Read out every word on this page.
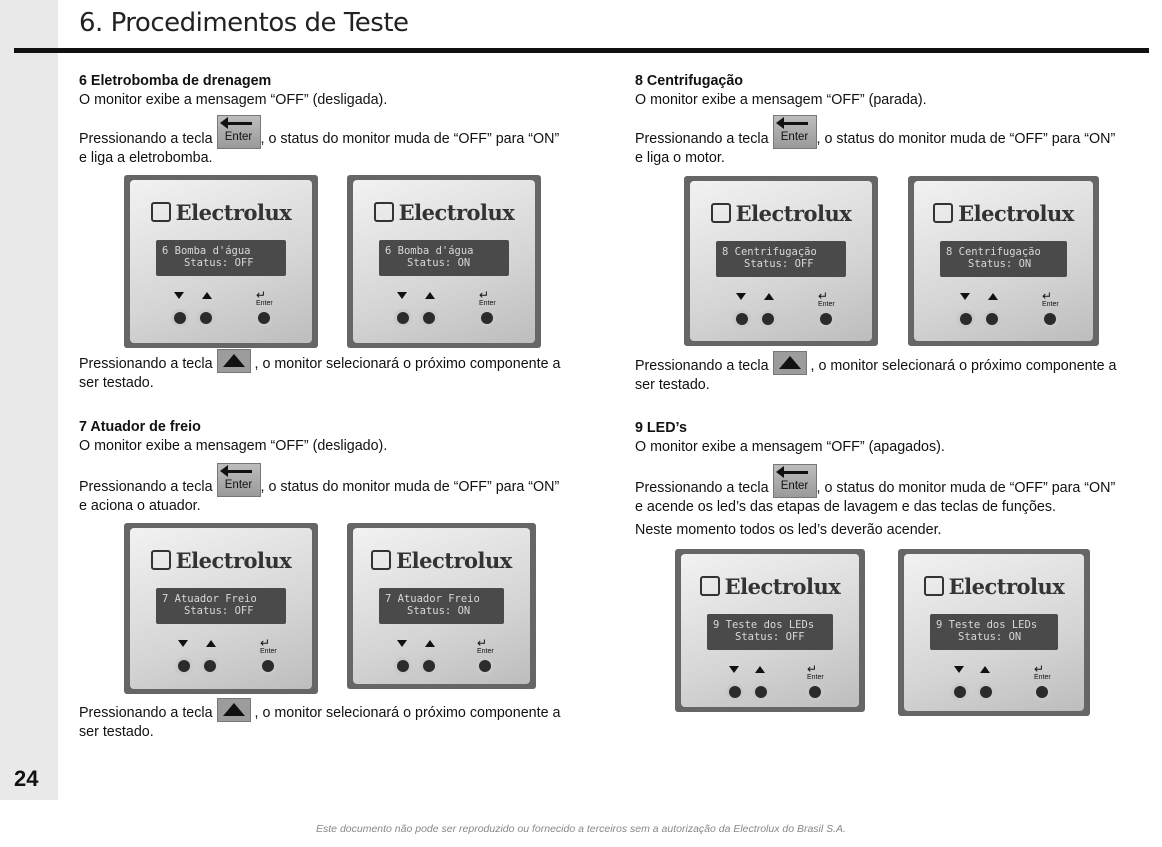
24
6. Procedimentos de Teste

6 Eletrobomba de drenagem

O monitor exibe a mensagem “OFF” (desligada).

Pressionando a tecla	Enter , o status do monitor muda de “OFF” para “ON”

e liga a eletrobomba.

Electrolux
6 Bomba d'água
Status: OFF
↵ Enter
Electrolux
6 Bomba d'água
Status: ON
↵ Enter

Pressionando a tecla	, o monitor selecionará o próximo componente a

ser testado.

7 Atuador de freio

O monitor exibe a mensagem “OFF” (desligado).

Pressionando a tecla	Enter , o status do monitor muda de “OFF” para “ON”

e aciona o atuador.

Electrolux
7 Atuador Freio
Status: OFF
↵ Enter
Electrolux
7 Atuador Freio
Status: ON
↵ Enter

Pressionando a tecla	, o monitor selecionará o próximo componente a

ser testado.

8 Centrifugação

O monitor exibe a mensagem “OFF” (parada).

Pressionando a tecla	Enter , o status do monitor muda de “OFF” para “ON”

e liga o motor.

Electrolux
8 Centrifugação
Status: OFF
↵ Enter
Electrolux
8 Centrifugação
Status: ON
↵ Enter

Pressionando a tecla	, o monitor selecionará o próximo componente a

ser testado.

9 LED’s

O monitor exibe a mensagem “OFF” (apagados).

Pressionando a tecla	Enter , o status do monitor muda de “OFF” para “ON”

e acende os led’s das etapas de lavagem e das teclas de funções.

Neste momento todos os led’s deverão acender.

Electrolux
9 Teste dos LEDs
Status: OFF
↵ Enter
Electrolux
9 Teste dos LEDs
Status: ON
↵ Enter
Este documento não pode ser reproduzido ou fornecido a terceiros sem a autorização da Electrolux do Brasil S.A.
